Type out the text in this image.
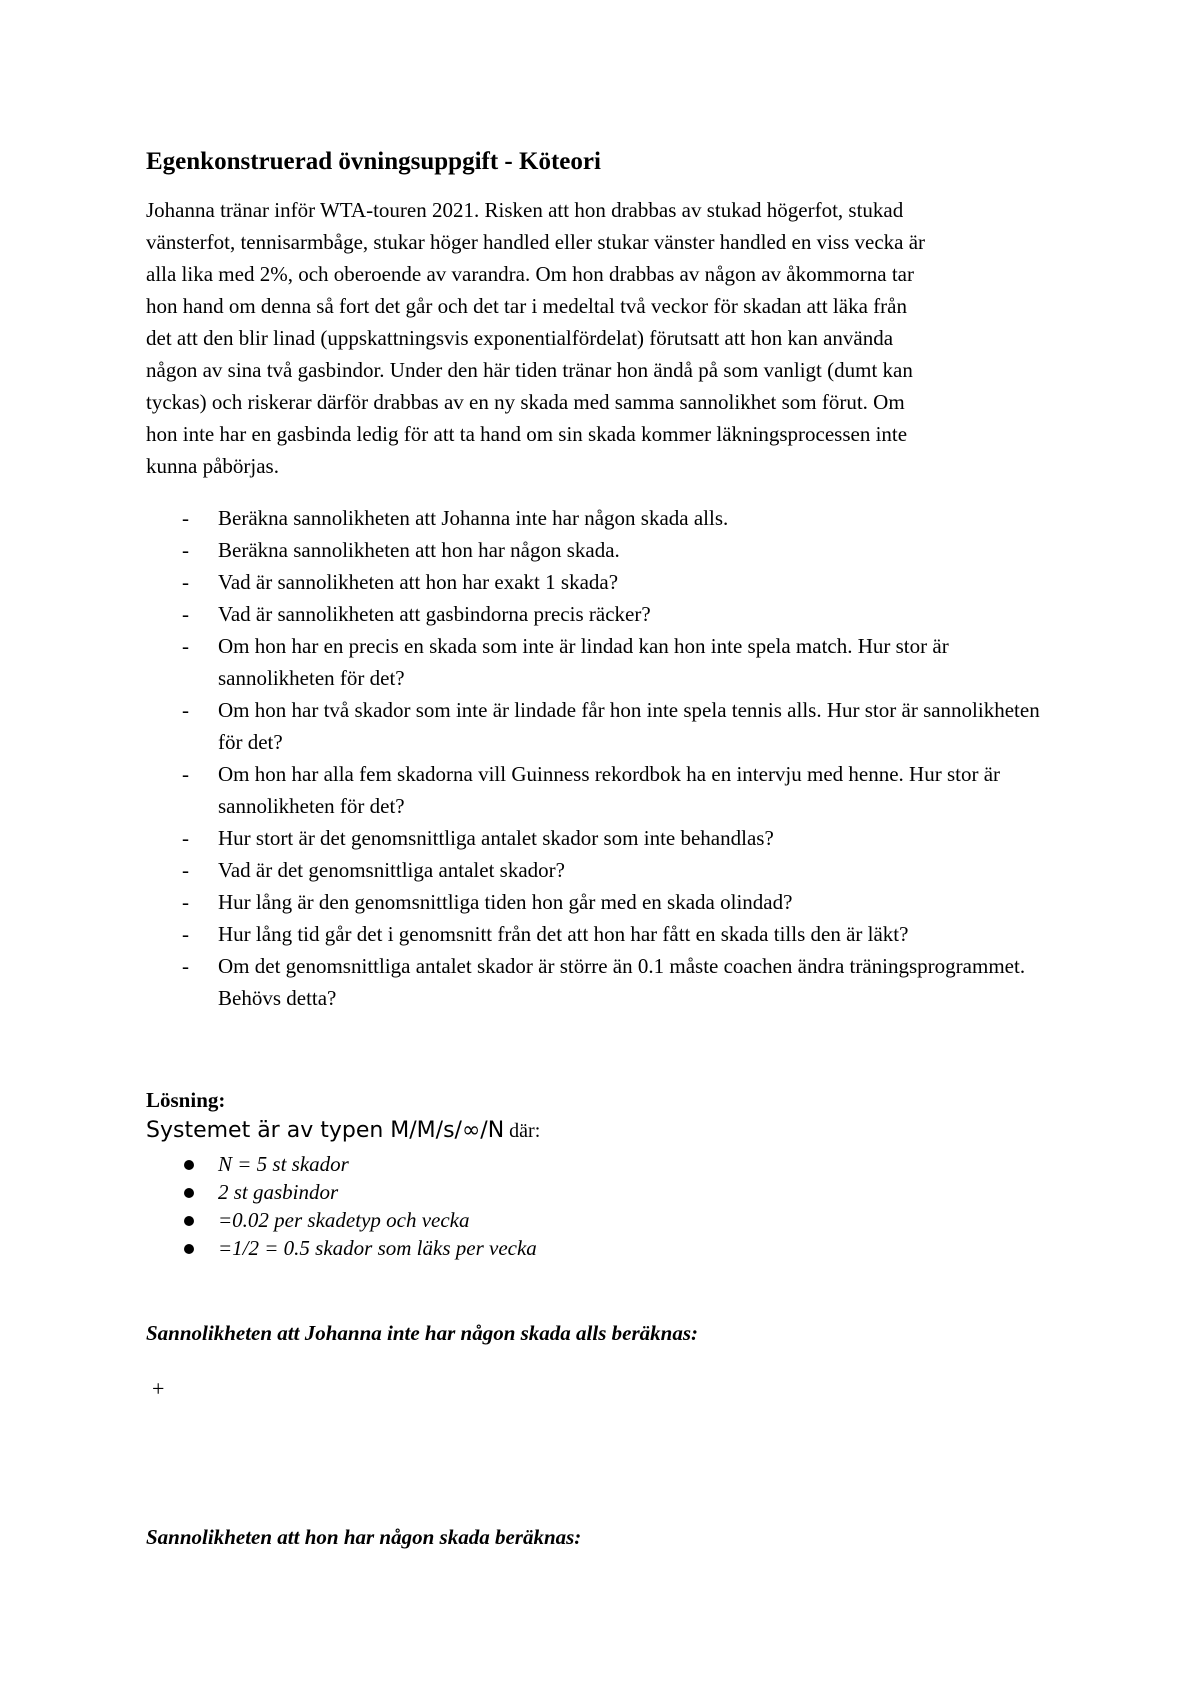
Egenkonstruerad övningsuppgift - Köteori
Johanna tränar inför WTA-touren 2021. Risken att hon drabbas av stukad högerfot, stukad
vänsterfot, tennisarmbåge, stukar höger handled eller stukar vänster handled en viss vecka är
alla lika med 2%, och oberoende av varandra. Om hon drabbas av någon av åkommorna tar
hon hand om denna så fort det går och det tar i medeltal två veckor för skadan att läka från
det att den blir linad (uppskattningsvis exponentialfördelat) förutsatt att hon kan använda
någon av sina två gasbindor. Under den här tiden tränar hon ändå på som vanligt (dumt kan
tyckas) och riskerar därför drabbas av en ny skada med samma sannolikhet som förut. Om
hon inte har en gasbinda ledig för att ta hand om sin skada kommer läkningsprocessen inte
kunna påbörjas.
- Beräkna sannolikheten att Johanna inte har någon skada alls.
- Beräkna sannolikheten att hon har någon skada.
- Vad är sannolikheten att hon har exakt 1 skada?
- Vad är sannolikheten att gasbindorna precis räcker?
- Om hon har en precis en skada som inte är lindad kan hon inte spela match. Hur stor är sannolikheten för det?
- Om hon har två skador som inte är lindade får hon inte spela tennis alls. Hur stor är sannolikheten för det?
- Om hon har alla fem skadorna vill Guinness rekordbok ha en intervju med henne. Hur stor är sannolikheten för det?
- Hur stort är det genomsnittliga antalet skador som inte behandlas?
- Vad är det genomsnittliga antalet skador?
- Hur lång är den genomsnittliga tiden hon går med en skada olindad?
- Hur lång tid går det i genomsnitt från det att hon har fått en skada tills den är läkt?
- Om det genomsnittliga antalet skador är större än 0.1 måste coachen ändra träningsprogrammet. Behövs detta?
Lösning:
Systemet är av typen M/M/s/∞/N där:
N = 5 st skador
2 st gasbindor
=0.02 per skadetyp och vecka
=1/2 = 0.5 skador som läks per vecka
Sannolikheten att Johanna inte har någon skada alls beräknas:
+
Sannolikheten att hon har någon skada beräknas:
